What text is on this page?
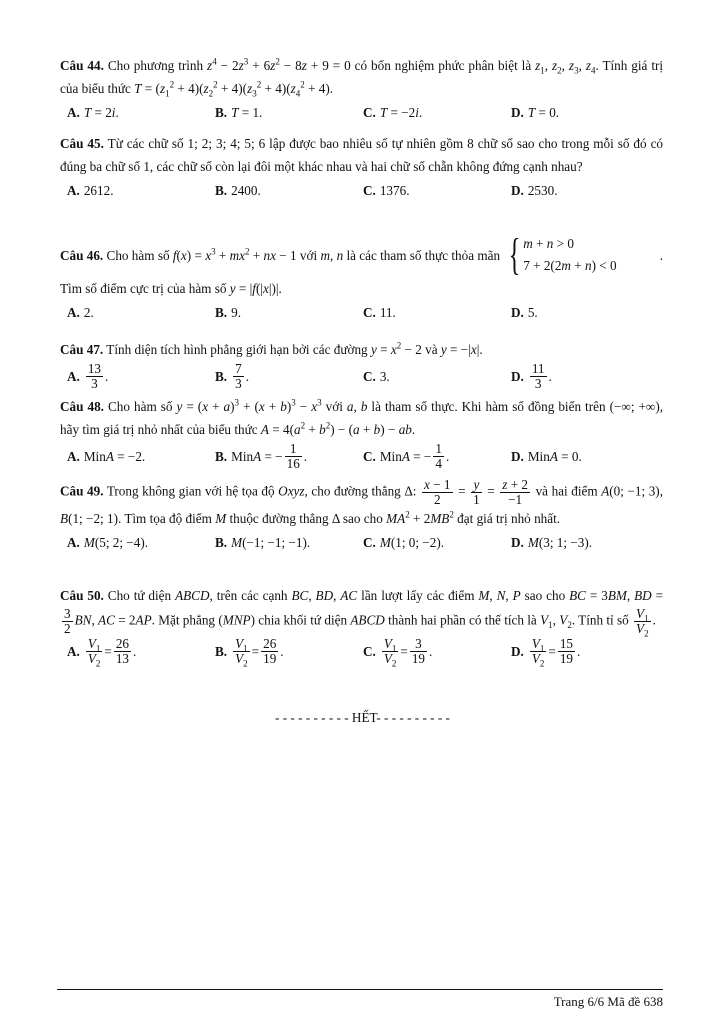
Câu 44. Cho phương trình $z^4 - 2z^3 + 6z^2 - 8z + 9 = 0$ có bốn nghiệm phức phân biệt là $z_1$, $z_2$, $z_3$, $z_4$. Tính giá trị của biểu thức $T = (z_1^2 + 4)(z_2^2 + 4)(z_3^2 + 4)(z_4^2 + 4)$.

A. T = 2 i .	B. T = 1.	C. T = −2 i .	D. T = 0.

Câu 45. Từ các chữ số 1; 2; 3; 4; 5; 6 lập được bao nhiêu số tự nhiên gồm 8 chữ số sao cho trong mỗi số đó có đúng ba chữ số 1, các chữ số còn lại đôi một khác nhau và hai chữ số chẵn không đứng cạnh nhau?

A. 2612.	B. 2400.	C. 1376.	D. 2530.

Câu 46. Cho hàm số $f(x) = x^3 + mx^2$ + nx − 1 với m, n là các tham số thực thỏa mãn { m + n > 0
7 + 2(2m + n) < 0
.

Tìm số điểm cực trị của hàm số y = |f(|x|)|.

A. 2.	B. 9.	C. 11.	D. 5.

Câu 47. Tính diện tích hình phẳng giới hạn bởi các đường $y = x^2 - 2$ và y = −|x|.

A. $\frac{13}{3}$ .	B. $\frac{7}{3}$ .	C. 3.	D. $\frac{11}{3}$ .

Câu 48. Cho hàm số $y = (x + a)^3 + (x + b)^3 - x^3$ với a, b là tham số thực. Khi hàm số đồng biến trên (−∞; +∞), hãy tìm giá trị nhỏ nhất của biểu thức $A = 4(a^2 + b^2) - (a + b)$ − ab.

A. Min A = −2.	B. Min A = − $\frac{1}{16}$ .	C. Min A = − $\frac{1}{4}$ .	D. Min A = 0.

Câu 49. Trong không gian với hệ tọa độ Oxyz, cho đường thẳng Δ: $\frac{x - 1}{2} = \frac{y}{1} = \frac{z + 2}{-1}$ và hai điểm A(0; −1; 3), B(1; −2; 1). Tìm tọa độ điểm M thuộc đường thẳng Δ sao cho $MA^2 + 2MB^2$ đạt giá trị nhỏ nhất.

A. M (5; 2; −4).	B. M (−1; −1; −1).	C. M (1; 0; −2).	D. M (3; 1; −3).

Câu 50. Cho tứ diện ABCD, trên các cạnh BC, BD, AC lần lượt lấy các điểm M, N, P sao cho BC = 3BM, BD =
$\frac{3}{2}$ BN, AC = 2AP. Mặt phẳng (MNP) chia khối tứ diện ABCD thành hai phần có thể tích là $V_1$, $V_2$. Tính tỉ số $\frac{V_1}{V_2}$ .

A. $\frac{V_1}{V_2} = \frac{26}{13}$ .	B. $\frac{V_1}{V_2} = \frac{26}{19}$ .	C. $\frac{V_1}{V_2} = \frac{3}{19}$ .	D. $\frac{V_1}{V_2} = \frac{15}{19}$ .
- - - - - - - - - - HẾT- - - - - - - - - -
Trang 6/6 Mã đề 638
